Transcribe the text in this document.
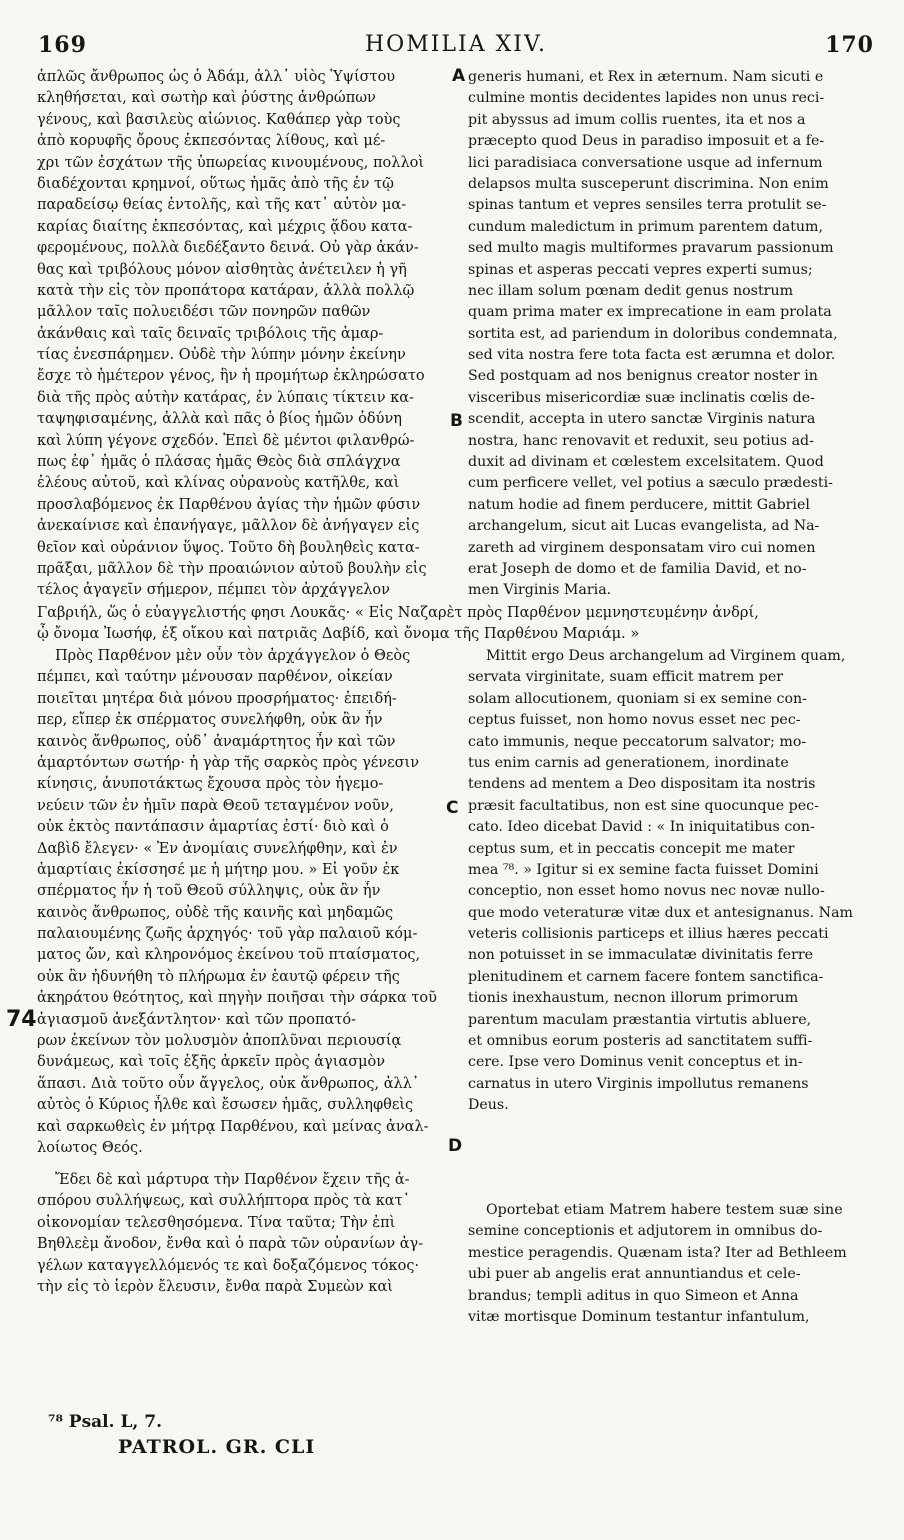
169	HOMILIA XIV.	170
ἁπλῶς ἄνθρωπος ὡς ὁ Ἀδάμ, ἀλλ᾽ υἱὸς Ὑψίστου
κληθήσεται, καὶ σωτὴρ καὶ ῥύστης ἀνθρώπων
γένους, καὶ βασιλεὺς αἰώνιος. Καθάπερ γὰρ τοὺς
ἀπὸ κορυφῆς ὄρους ἐκπεσόντας λίθους, καὶ μέ-
χρι τῶν ἐσχάτων τῆς ὑπωρείας κινουμένους, πολλοὶ
διαδέχονται κρημνοί, οὕτως ἡμᾶς ἀπὸ τῆς ἐν τῷ
παραδείσῳ θείας ἐντολῆς, καὶ τῆς κατ᾽ αὐτὸν μα-
καρίας διαίτης ἐκπεσόντας, καὶ μέχρις ᾅδου κατα-
φερομένους, πολλὰ διεδέξαντο δεινά. Οὐ γὰρ ἀκάν-
θας καὶ τριβόλους μόνον αἰσθητὰς ἀνέτειλεν ἡ γῆ
κατὰ τὴν εἰς τὸν προπάτορα κατάραν, ἀλλὰ πολλῷ
μᾶλλον ταῖς πολυειδέσι τῶν πονηρῶν παθῶν
ἀκάνθαις καὶ ταῖς δειναῖς τριβόλοις τῆς ἁμαρ-
τίας ἐνεσπάρημεν. Οὐδὲ τὴν λύπην μόνην ἐκείνην
ἔσχε τὸ ἡμέτερον γένος, ἣν ἡ προμήτωρ ἐκληρώσατο
διὰ τῆς πρὸς αὐτὴν κατάρας, ἐν λύπαις τίκτειν κα-
ταψηφισαμένης, ἀλλὰ καὶ πᾶς ὁ βίος ἡμῶν ὀδύνη
καὶ λύπη γέγονε σχεδόν. Ἐπεὶ δὲ μέντοι φιλανθρώ-
πως ἐφ᾽ ἡμᾶς ὁ πλάσας ἡμᾶς Θεὸς διὰ σπλάγχνα
ἐλέους αὐτοῦ, καὶ κλίνας οὐρανοὺς κατῆλθε, καὶ
προσλαβόμενος ἐκ Παρθένου ἁγίας τὴν ἡμῶν φύσιν
ἀνεκαίνισε καὶ ἐπανήγαγε, μᾶλλον δὲ ἀνήγαγεν εἰς
θεῖον καὶ οὐράνιον ὕψος. Τοῦτο δὴ βουληθεὶς κατα-
πρᾶξαι, μᾶλλον δὲ τὴν προαιώνιον αὐτοῦ βουλὴν εἰς
τέλος ἀγαγεῖν σήμερον, πέμπει τὸν ἀρχάγγελον
generis humani, et Rex in æternum. Nam sicuti e
culmine montis decidentes lapides non unus reci-
pit abyssus ad imum collis ruentes, ita et nos a
præcepto quod Deus in paradiso imposuit et a fe-
lici paradisiaca conversatione usque ad infernum
delapsos multa susceperunt discrimina. Non enim
spinas tantum et vepres sensiles terra protulit se-
cundum maledictum in primum parentem datum,
sed multo magis multiformes pravarum passionum
spinas et asperas peccati vepres experti sumus;
nec illam solum pœnam dedit genus nostrum
quam prima mater ex imprecatione in eam prolata
sortita est, ad pariendum in doloribus condemnata,
sed vita nostra fere tota facta est ærumna et dolor.
Sed postquam ad nos benignus creator noster in
visceribus misericordiæ suæ inclinatis cœlis de-
scendit, accepta in utero sanctæ Virginis natura
nostra, hanc renovavit et reduxit, seu potius ad-
duxit ad divinam et cœlestem excelsitatem. Quod
cum perficere vellet, vel potius a sæculo prædesti-
natum hodie ad finem perducere, mittit Gabriel
archangelum, sicut ait Lucas evangelista, ad Na-
zareth ad virginem desponsatam viro cui nomen
erat Joseph de domo et de familia David, et no-
men Virginis Maria.
Γαβριήλ, ὥς ὁ εὐαγγελιστής φησι Λουκᾶς· « Εἰς Ναζαρὲτ πρὸς Παρθένον μεμνηστευμένην ἀνδρί,
ᾧ ὄνομα Ἰωσήφ, ἐξ οἴκου καὶ πατριᾶς Δαβίδ, καὶ ὄνομα τῆς Παρθένου Μαριάμ. »
Πρὸς Παρθένον μὲν οὖν τὸν ἀρχάγγελον ὁ Θεὸς
πέμπει, καὶ ταύτην μένουσαν παρθένον, οἰκείαν
ποιεῖται μητέρα διὰ μόνου προσρήματος· ἐπειδή-
περ, εἴπερ ἐκ σπέρματος συνελήφθη, οὐκ ἂν ἦν
καινὸς ἄνθρωπος, οὐδ᾽ ἀναμάρτητος ἦν καὶ τῶν
ἁμαρτόντων σωτήρ· ἡ γὰρ τῆς σαρκὸς πρὸς γένεσιν
κίνησις, ἀνυποτάκτως ἔχουσα πρὸς τὸν ἡγεμο-
νεύειν τῶν ἐν ἡμῖν παρὰ Θεοῦ τεταγμένον νοῦν,
οὐκ ἐκτὸς παντάπασιν ἁμαρτίας ἐστί· διὸ καὶ ὁ
Δαβὶδ ἔλεγεν· « Ἐν ἀνομίαις συνελήφθην, καὶ ἐν
ἁμαρτίαις ἐκίσσησέ με ἡ μήτηρ μου. » Εἰ γοῦν ἐκ
σπέρματος ἦν ἡ τοῦ Θεοῦ σύλληψις, οὐκ ἂν ἦν
καινὸς ἄνθρωπος, οὐδὲ τῆς καινῆς καὶ μηδαμῶς
παλαιουμένης ζωῆς ἀρχηγός· τοῦ γὰρ παλαιοῦ κόμ-
ματος ὤν, καὶ κληρονόμος ἐκείνου τοῦ πταίσματος,
οὐκ ἂν ἠδυνήθη τὸ πλήρωμα ἐν ἑαυτῷ φέρειν τῆς
ἀκηράτου θεότητος, καὶ πηγὴν ποιῆσαι τὴν σάρκα τοῦ
ἁγιασμοῦ ἀνεξάντλητον· καὶ τῶν προπατό-
ρων ἐκείνων τὸν μολυσμὸν ἀποπλῦναι περιουσίᾳ
δυνάμεως, καὶ τοῖς ἑξῆς ἀρκεῖν πρὸς ἁγιασμὸν
ἅπασι. Διὰ τοῦτο οὖν ἄγγελος, οὐκ ἄνθρωπος, ἀλλ᾽
αὐτὸς ὁ Κύριος ἦλθε καὶ ἔσωσεν ἡμᾶς, συλληφθεὶς
καὶ σαρκωθεὶς ἐν μήτρᾳ Παρθένου, καὶ μείνας ἀναλ-
λοίωτος Θεός.
Mittit ergo Deus archangelum ad Virginem quam,
servata virginitate, suam efficit matrem per
solam allocutionem, quoniam si ex semine con-
ceptus fuisset, non homo novus esset nec pec-
cato immunis, neque peccatorum salvator; mo-
tus enim carnis ad generationem, inordinate
tendens ad mentem a Deo dispositam ita nostris
præsit facultatibus, non est sine quocunque pec-
cato. Ideo dicebat David : « In iniquitatibus con-
ceptus sum, et in peccatis concepit me mater
mea ⁷⁸. » Igitur si ex semine facta fuisset Domini
conceptio, non esset homo novus nec novæ nullo-
que modo veteraturæ vitæ dux et antesignanus. Nam
veteris collisionis particeps et illius hæres peccati
non potuisset in se immaculatæ divinitatis ferre
plenitudinem et carnem facere fontem sanctifica-
tionis inexhaustum, necnon illorum primorum
parentum maculam præstantia virtutis abluere,
et omnibus eorum posteris ad sanctitatem suffi-
cere. Ipse vero Dominus venit conceptus et in-
carnatus in utero Virginis impollutus remanens
Deus.
Ἔδει δὲ καὶ μάρτυρα τὴν Παρθένον ἔχειν τῆς ἀ-
σπόρου συλλήψεως, καὶ συλλήπτορα πρὸς τὰ κατ᾽
οἰκονομίαν τελεσθησόμενα. Τίνα ταῦτα; Τὴν ἐπὶ
Βηθλεὲμ ἄνοδον, ἔνθα καὶ ὁ παρὰ τῶν οὐρανίων ἀγ-
γέλων καταγγελλόμενός τε καὶ δοξαζόμενος τόκος·
τὴν εἰς τὸ ἱερὸν ἔλευσιν, ἔνθα παρὰ Συμεὼν καὶ
Oportebat etiam Matrem habere testem suæ sine
semine conceptionis et adjutorem in omnibus do-
mestice peragendis. Quænam ista? Iter ad Bethleem
ubi puer ab angelis erat annuntiandus et cele-
brandus; templi aditus in quo Simeon et Anna
vitæ mortisque Dominum testantur infantulum,
A
B
C
D
74
⁷⁸ Psal. L, 7.
PATROL. GR. CLI
